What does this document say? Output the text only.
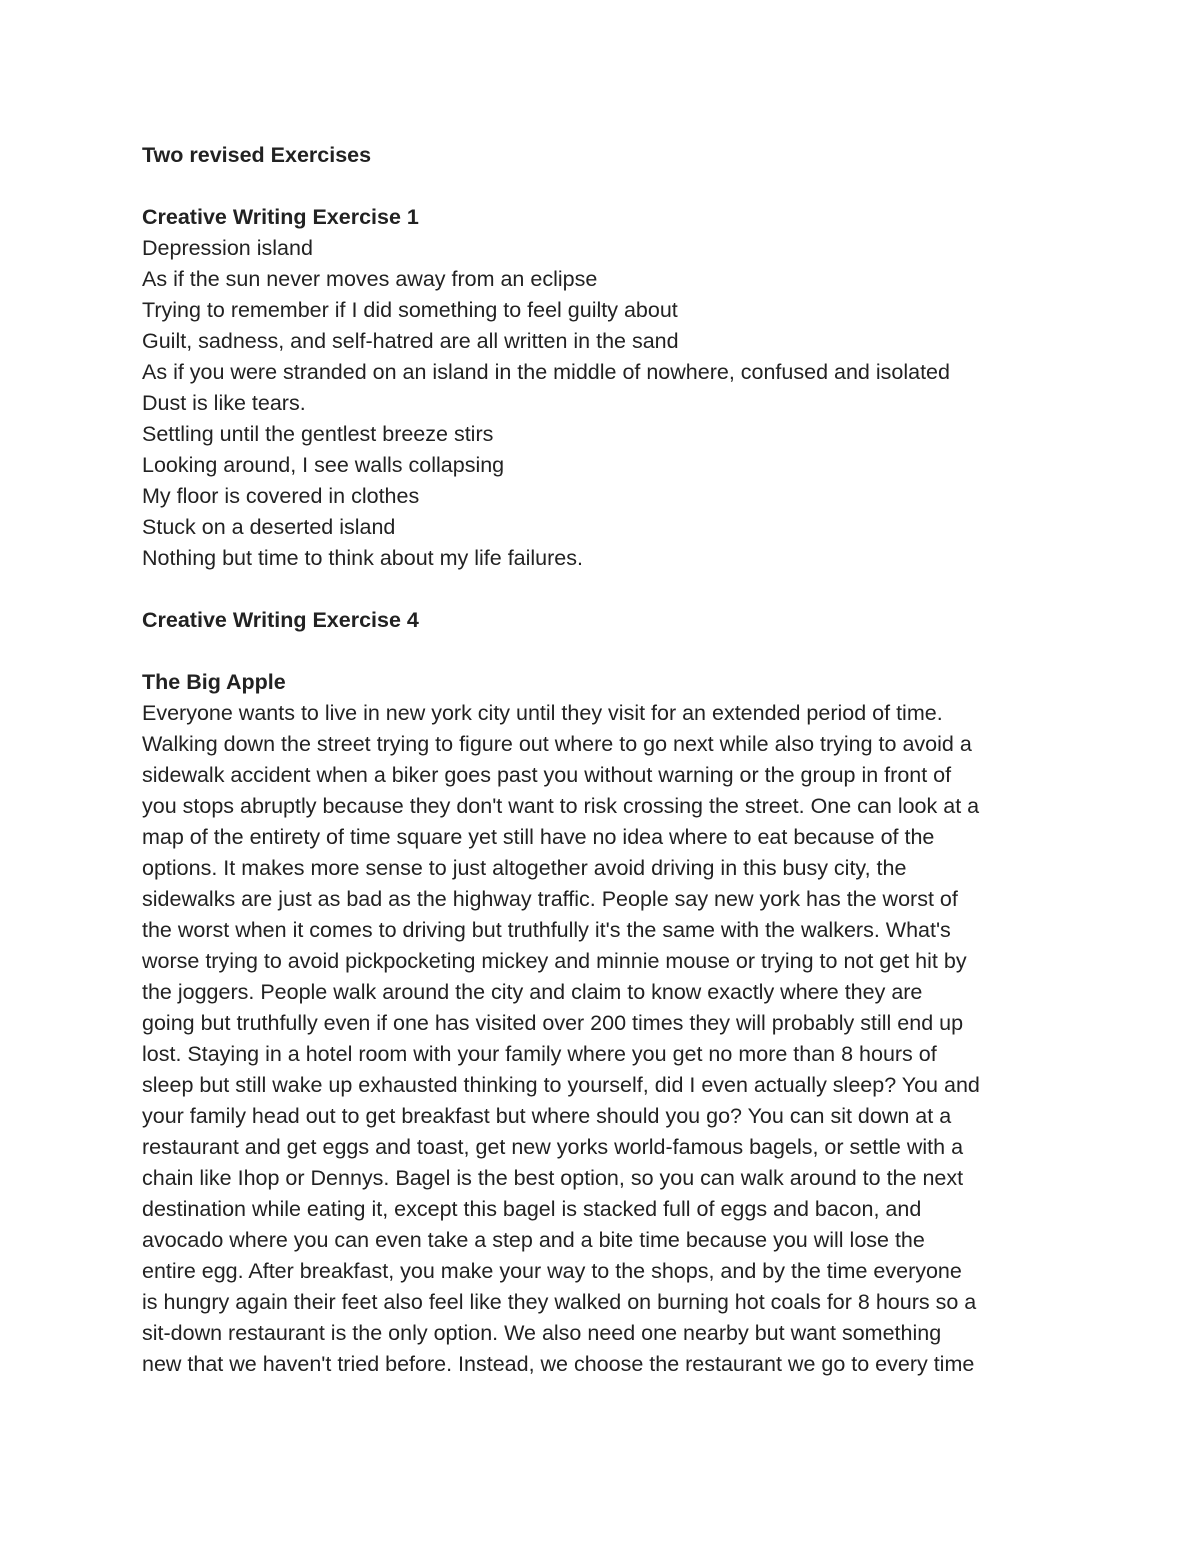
Two revised Exercises

Creative Writing Exercise 1

Depression island

As if the sun never moves away from an eclipse

Trying to remember if I did something to feel guilty about

Guilt, sadness, and self-hatred are all written in the sand

As if you were stranded on an island in the middle of nowhere, confused and isolated

Dust is like tears.

Settling until the gentlest breeze stirs

Looking around, I see walls collapsing

My floor is covered in clothes

Stuck on a deserted island

Nothing but time to think about my life failures.

Creative Writing Exercise 4

The Big Apple

Everyone wants to live in new york city until they visit for an extended period of time.

Walking down the street trying to figure out where to go next while also trying to avoid a

sidewalk accident when a biker goes past you without warning or the group in front of

you stops abruptly because they don't want to risk crossing the street. One can look at a

map of the entirety of time square yet still have no idea where to eat because of the

options. It makes more sense to just altogether avoid driving in this busy city, the

sidewalks are just as bad as the highway traffic. People say new york has the worst of

the worst when it comes to driving but truthfully it's the same with the walkers. What's

worse trying to avoid pickpocketing mickey and minnie mouse or trying to not get hit by

the joggers. People walk around the city and claim to know exactly where they are

going but truthfully even if one has visited over 200 times they will probably still end up

lost. Staying in a hotel room with your family where you get no more than 8 hours of

sleep but still wake up exhausted thinking to yourself, did I even actually sleep? You and

your family head out to get breakfast but where should you go? You can sit down at a

restaurant and get eggs and toast, get new yorks world-famous bagels, or settle with a

chain like Ihop or Dennys. Bagel is the best option, so you can walk around to the next

destination while eating it, except this bagel is stacked full of eggs and bacon, and

avocado where you can even take a step and a bite time because you will lose the

entire egg. After breakfast, you make your way to the shops, and by the time everyone

is hungry again their feet also feel like they walked on burning hot coals for 8 hours so a

sit-down restaurant is the only option. We also need one nearby but want something

new that we haven't tried before. Instead, we choose the restaurant we go to every time
